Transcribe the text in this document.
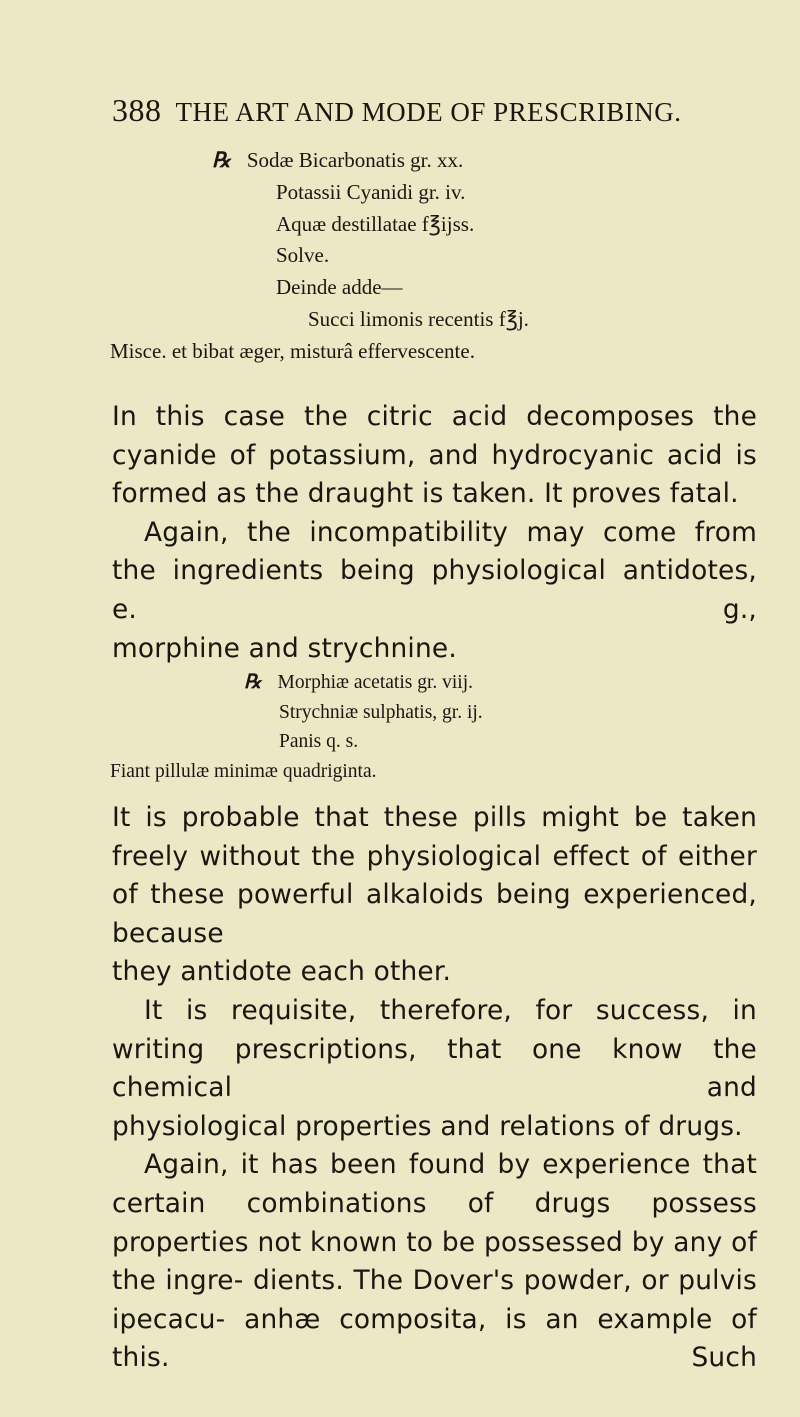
388 THE ART AND MODE OF PRESCRIBING.
℞ Sodæ Bicarbonatis gr. xx.
Potassii Cyanidi gr. iv.
Aquæ destillatae f℥ijss.
Solve.
Deinde adde—
Succi limonis recentis f℥j.
Misce. et bibat æger, misturâ effervescente.

In this case the citric acid decomposes the cyanide of potassium, and hydrocyanic acid is

formed as the draught is taken. It proves fatal.

Again, the incompatibility may come from the ingredients being physiological antidotes, e. g.,

morphine and strychnine.

℞ Morphiæ acetatis gr. viij.
Strychniæ sulphatis, gr. ij.
Panis q. s.
Fiant pillulæ minimæ quadriginta.

It is probable that these pills might be taken freely without the physiological effect of either of these powerful alkaloids being experienced, because

they antidote each other.

It is requisite, therefore, for success, in writing prescriptions, that one know the chemical and

physiological properties and relations of drugs.

Again, it has been found by experience that certain combinations of drugs possess properties not known to be possessed by any of the ingre- dients. The Dover's powder, or pulvis ipecacu- anhæ composita, is an example of this. Such
